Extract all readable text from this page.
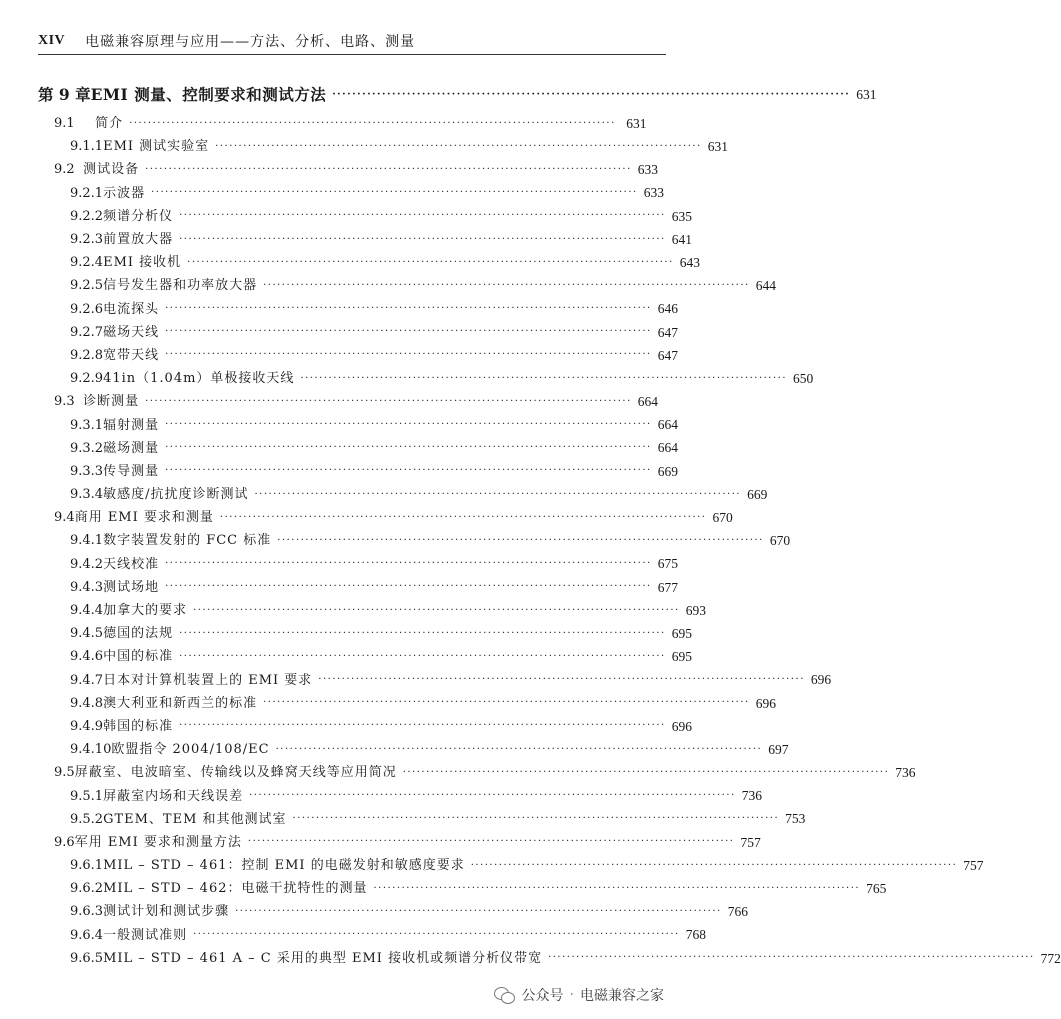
XIV 电磁兼容原理与应用——方法、分析、电路、测量
第 9 章 EMI 测量、控制要求和测试方法 ········································································································ 631
9.1	简介 ········································································································ 631
9.1.1 EMI 测试实验室 ········································································································ 631
9.2 测试设备 ········································································································ 633
9.2.1 示波器 ········································································································ 633
9.2.2 频谱分析仪 ········································································································ 635
9.2.3 前置放大器 ········································································································ 641
9.2.4 EMI 接收机 ········································································································ 643
9.2.5 信号发生器和功率放大器 ········································································································ 644
9.2.6 电流探头 ········································································································ 646
9.2.7 磁场天线 ········································································································ 647
9.2.8 宽带天线 ········································································································ 647
9.2.9 41in（1.04m）单极接收天线 ········································································································ 650
9.3 诊断测量 ········································································································ 664
9.3.1 辐射测量 ········································································································ 664
9.3.2 磁场测量 ········································································································ 664
9.3.3 传导测量 ········································································································ 669
9.3.4 敏感度/抗扰度诊断测试 ········································································································ 669
9.4 商用 EMI 要求和测量 ········································································································ 670
9.4.1 数字装置发射的 FCC 标准 ········································································································ 670
9.4.2 天线校准 ········································································································ 675
9.4.3 测试场地 ········································································································ 677
9.4.4 加拿大的要求 ········································································································ 693
9.4.5 德国的法规 ········································································································ 695
9.4.6 中国的标准 ········································································································ 695
9.4.7 日本对计算机装置上的 EMI 要求 ········································································································ 696
9.4.8 澳大利亚和新西兰的标准 ········································································································ 696
9.4.9 韩国的标准 ········································································································ 696
9.4.10 欧盟指令 2004/108/EC ········································································································ 697
9.5 屏蔽室、电波暗室、传输线以及蜂窝天线等应用简况 ········································································································ 736
9.5.1 屏蔽室内场和天线误差 ········································································································ 736
9.5.2 GTEM、TEM 和其他测试室 ········································································································ 753
9.6 军用 EMI 要求和测量方法 ········································································································ 757
9.6.1 MIL – STD – 461：控制 EMI 的电磁发射和敏感度要求 ········································································································ 757
9.6.2 MIL – STD – 462：电磁干扰特性的测量 ········································································································ 765
9.6.3 测试计划和测试步骤 ········································································································ 766
9.6.4 一般测试准则 ········································································································ 768
9.6.5 MIL – STD – 461 A – C 采用的典型 EMI 接收机或频谱分析仪带宽 ········································································································ 772
公众号 · 电磁兼容之家
